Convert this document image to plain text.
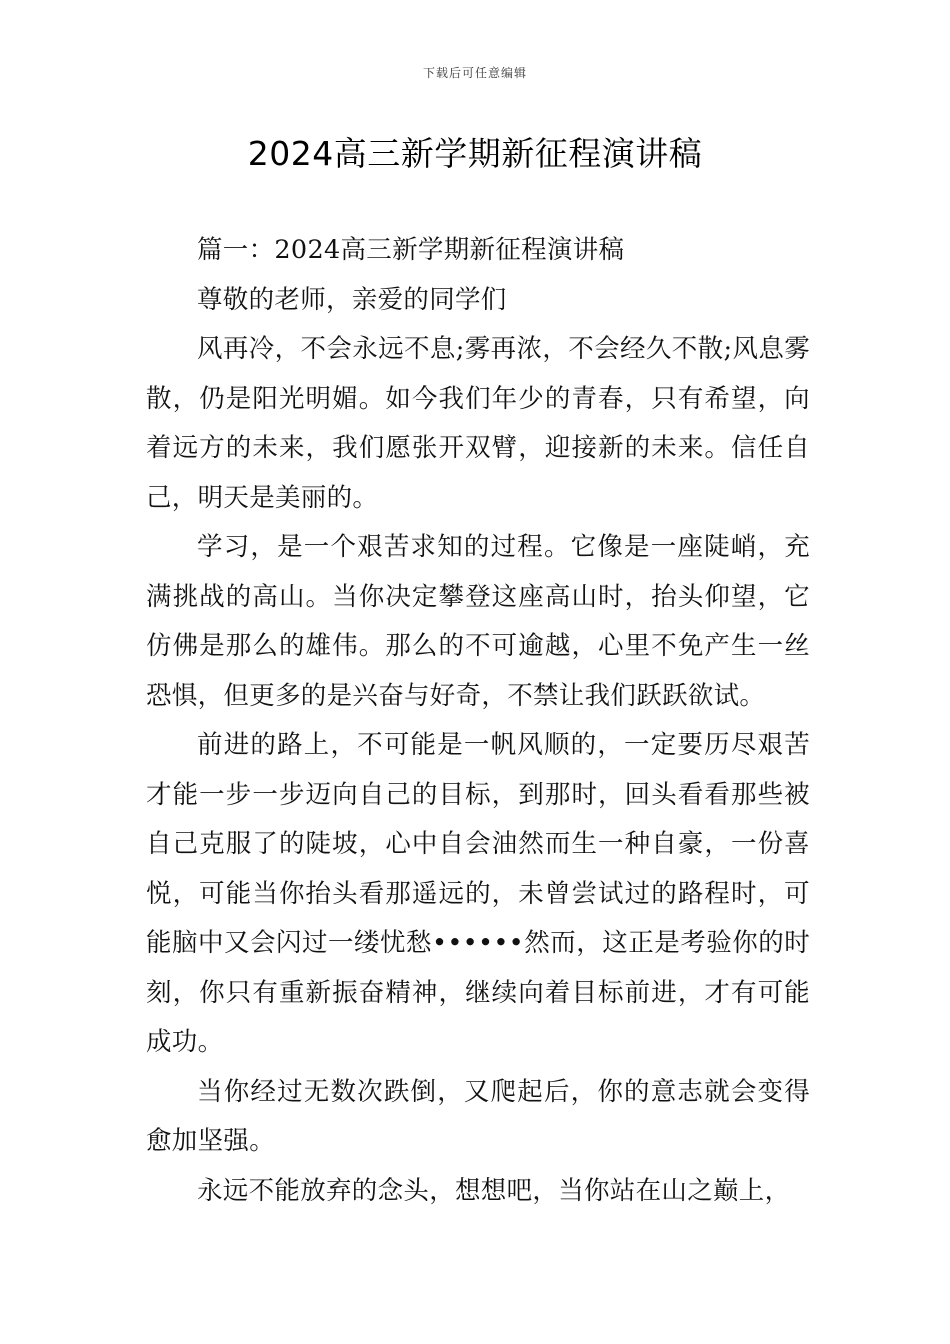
下载后可任意编辑
2024高三新学期新征程演讲稿

篇一：2024高三新学期新征程演讲稿

尊敬的老师，亲爱的同学们

风再冷，不会永远不息;雾再浓，不会经久不散;风息雾散，仍是阳光明媚。如今我们年少的青春，只有希望，向着远方的未来，我们愿张开双臂，迎接新的未来。信任自己，明天是美丽的。

学习，是一个艰苦求知的过程。它像是一座陡峭，充满挑战的高山。当你决定攀登这座高山时，抬头仰望，它仿佛是那么的雄伟。那么的不可逾越，心里不免产生一丝恐惧，但更多的是兴奋与好奇，不禁让我们跃跃欲试。

前进的路上，不可能是一帆风顺的，一定要历尽艰苦才能一步一步迈向自己的目标，到那时，回头看看那些被自己克服了的陡坡，心中自会油然而生一种自豪，一份喜悦，可能当你抬头看那遥远的，未曾尝试过的路程时，可能脑中又会闪过一缕忧愁••••••然而，这正是考验你的时刻，你只有重新振奋精神，继续向着目标前进，才有可能成功。

当你经过无数次跌倒，又爬起后，你的意志就会变得愈加坚强。

永远不能放弃的念头，想想吧，当你站在山之巅上，
